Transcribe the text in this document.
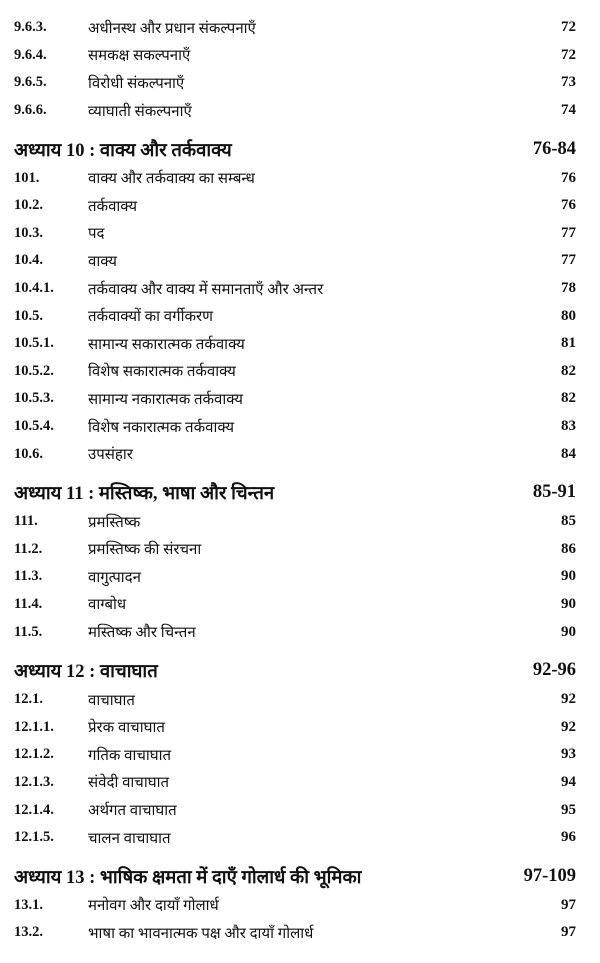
9.6.3.	अधीनस्थ और प्रधान संकल्पनाएँ	72
9.6.4.	समकक्ष सकल्पनाएँ	72
9.6.5.	विरोधी संकल्पनाएँ	73
9.6.6.	व्याघाती संकल्पनाएँ	74
अध्याय 10 : वाक्य और तर्कवाक्य	76-84
101.	वाक्य और तर्कवाक्य का सम्बन्ध	76
10.2.	तर्कवाक्य	76
10.3.	पद	77
10.4.	वाक्य	77
10.4.1.	तर्कवाक्य और वाक्य में समानताएँ और अन्तर	78
10.5.	तर्कवाक्यों का वर्गीकरण	80
10.5.1.	सामान्य सकारात्मक तर्कवाक्य	81
10.5.2.	विशेष सकारात्मक तर्कवाक्य	82
10.5.3.	सामान्य नकारात्मक तर्कवाक्य	82
10.5.4.	विशेष नकारात्मक तर्कवाक्य	83
10.6.	उपसंहार	84
अध्याय 11 : मस्तिष्क, भाषा और चिन्तन	85-91
111.	प्रमस्तिष्क	85
11.2.	प्रमस्तिष्क की संरचना	86
11.3.	वागुत्पादन	90
11.4.	वाग्बोध	90
11.5.	मस्तिष्क और चिन्तन	90
अध्याय 12 : वाचाघात	92-96
12.1.	वाचाघात	92
12.1.1.	प्रेरक वाचाघात	92
12.1.2.	गतिक वाचाघात	93
12.1.3.	संवेदी वाचाघात	94
12.1.4.	अर्थगत वाचाघात	95
12.1.5.	चालन वाचाघात	96
अध्याय 13 : भाषिक क्षमता में दाएँ गोलार्ध की भूमिका	97-109
13.1.	मनोवग और दायाँ गोलार्ध	97
13.2.	भाषा का भावनात्मक पक्ष और दायाँ गोलार्ध	97
